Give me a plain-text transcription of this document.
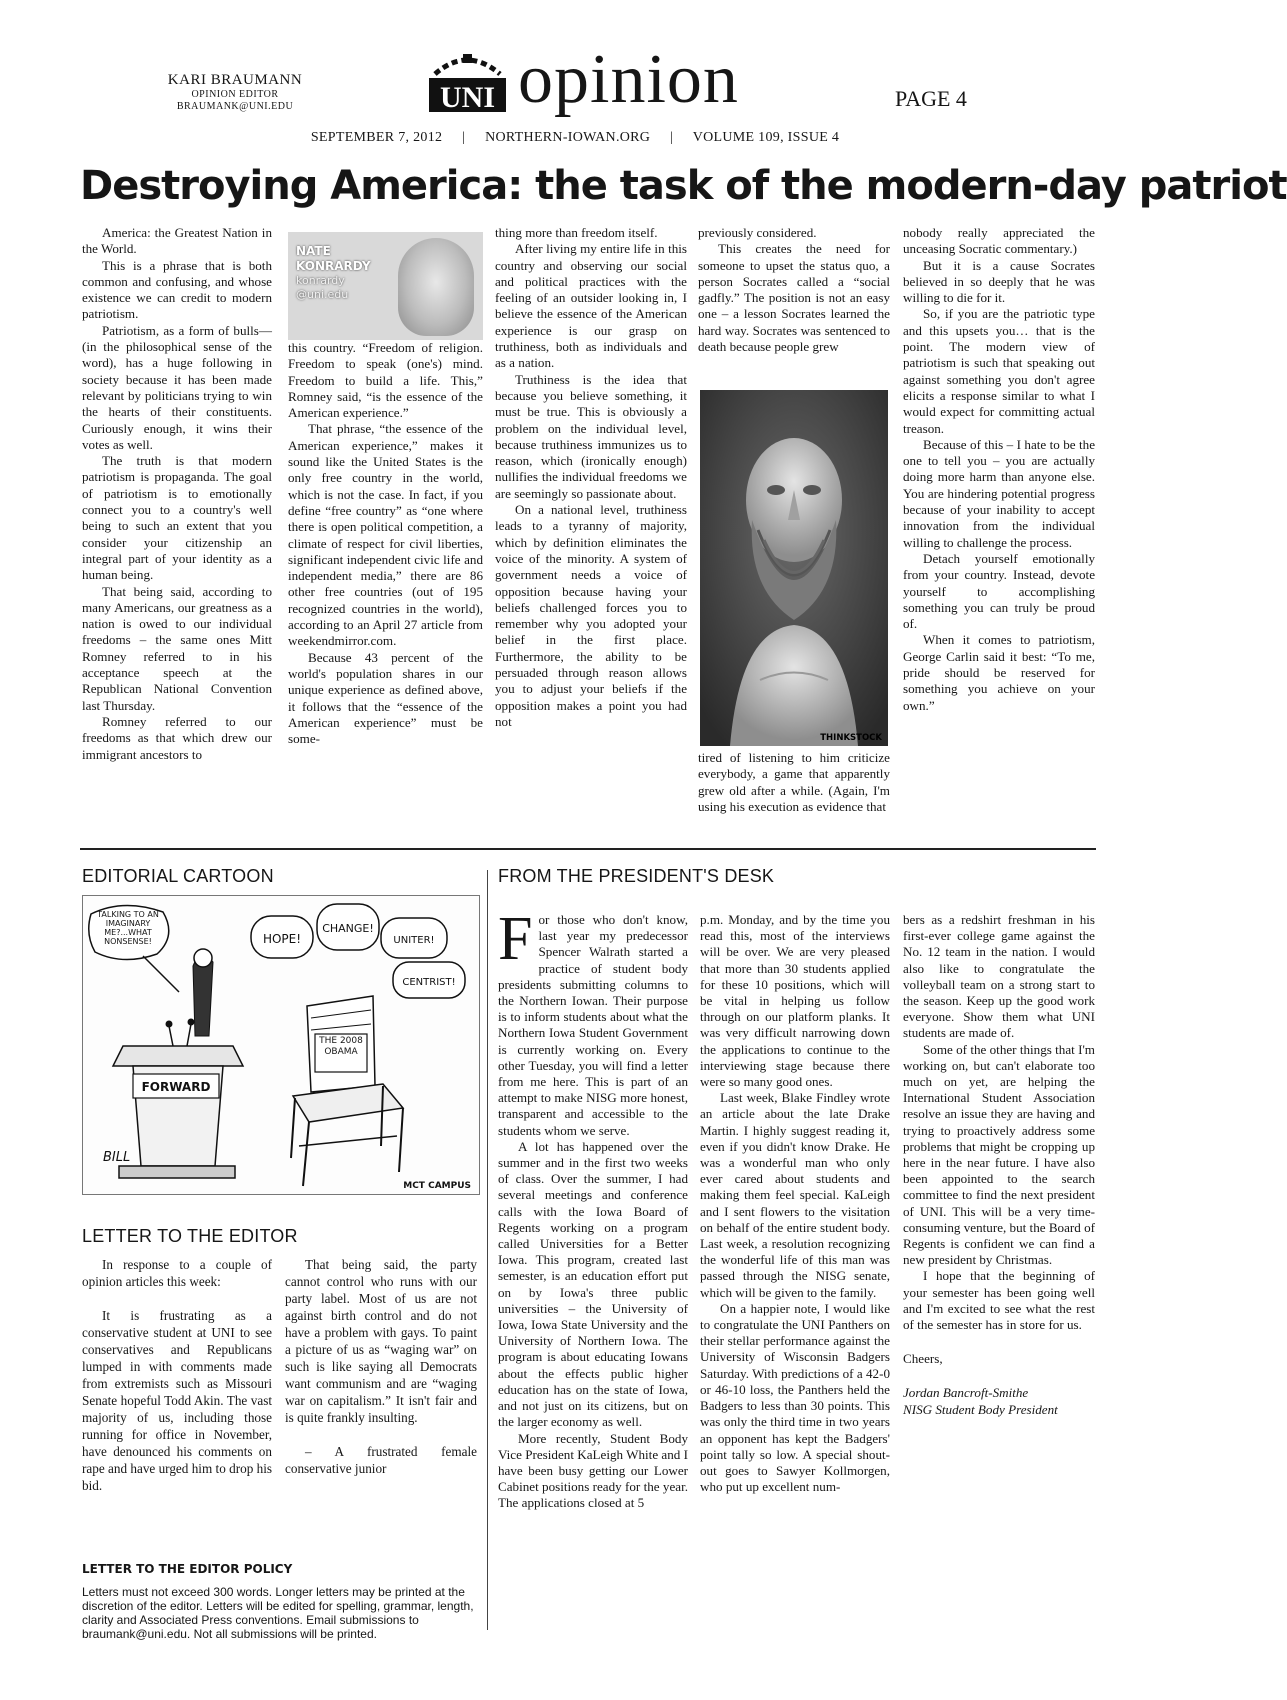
KARI BRAUMANN
OPINION EDITOR
BRAUMANK@UNI.EDU	UNI opinion	PAGE 4
SEPTEMBER 7, 2012 | NORTHERN-IOWAN.ORG | VOLUME 109, ISSUE 4
Destroying America: the task of the modern-day patriot

America: the Greatest Nation in the World.

This is a phrase that is both common and confusing, and whose existence we can credit to modern patriotism.

Patriotism, as a form of bulls— (in the philosophical sense of the word), has a huge following in society because it has been made relevant by politicians trying to win the hearts of their constituents. Curiously enough, it wins their votes as well.

The truth is that modern patriotism is propaganda. The goal of patriotism is to emotionally connect you to a country's well being to such an extent that you consider your citizenship an integral part of your identity as a human being.

That being said, according to many Americans, our greatness as a nation is owed to our individual freedoms – the same ones Mitt Romney referred to in his acceptance speech at the Republican National Convention last Thursday.

Romney referred to our freedoms as that which drew our immigrant ancestors to

NATE
KONRARDY
konrardy
@uni.edu

this country. “Freedom of religion. Freedom to speak (one's) mind. Freedom to build a life. This,” Romney said, “is the essence of the American experience.”

That phrase, “the essence of the American experience,” makes it sound like the United States is the only free country in the world, which is not the case. In fact, if you define “free country” as “one where there is open political competition, a climate of respect for civil liberties, significant independent civic life and independent media,” there are 86 other free countries (out of 195 recognized countries in the world), according to an April 27 article from weekendmirror.com.

Because 43 percent of the world's population shares in our unique experience as defined above, it follows that the “essence of the American experience” must be some-

thing more than freedom itself.

After living my entire life in this country and observing our social and political practices with the feeling of an outsider looking in, I believe the essence of the American experience is our grasp on truthiness, both as individuals and as a nation.

Truthiness is the idea that because you believe something, it must be true. This is obviously a problem on the individual level, because truthiness immunizes us to reason, which (ironically enough) nullifies the individual freedoms we are seemingly so passionate about.

On a national level, truthiness leads to a tyranny of majority, which by definition eliminates the voice of the minority. A system of government needs a voice of opposition because having your beliefs challenged forces you to remember why you adopted your belief in the first place. Furthermore, the ability to be persuaded through reason allows you to adjust your beliefs if the opposition makes a point you had not

previously considered.

This creates the need for someone to upset the status quo, a person Socrates called a “social gadfly.” The position is not an easy one – a lesson Socrates learned the hard way. Socrates was sentenced to death because people grew

THINKSTOCK

tired of listening to him criticize everybody, a game that apparently grew old after a while. (Again, I'm using his execution as evidence that

nobody really appreciated the unceasing Socratic commentary.)

But it is a cause Socrates believed in so deeply that he was willing to die for it.

So, if you are the patriotic type and this upsets you… that is the point. The modern view of patriotism is such that speaking out against something you don't agree elicits a response similar to what I would expect for committing actual treason.

Because of this – I hate to be the one to tell you – you are actually doing more harm than anyone else. You are hindering potential progress because of your inability to accept innovation from the individual willing to challenge the process.

Detach yourself emotionally from your country. Instead, devote yourself to accomplishing something you can truly be proud of.

When it comes to patriotism, George Carlin said it best: “To me, pride should be reserved for something you achieve on your own.”

EDITORIAL CARTOON
TALKING TO AN IMAGINARY ME?...WHAT NONSENSE!	HOPE!
CHANGE!
UNITER!
CENTRIST!
FORWARD
THE 2008 OBAMA
BILL
MCT CAMPUS
LETTER TO THE EDITOR

In response to a couple of opinion articles this week:

It is frustrating as a conservative student at UNI to see conservatives and Republicans lumped in with comments made from extremists such as Missouri Senate hopeful Todd Akin. The vast majority of us, including those running for office in November, have denounced his comments on rape and have urged him to drop his bid.

That being said, the party cannot control who runs with our party label. Most of us are not against birth control and do not have a problem with gays. To paint a picture of us as “waging war” on such is like saying all Democrats want communism and are “waging war on capitalism.” It isn't fair and is quite frankly insulting.

– A frustrated female conservative junior

LETTER TO THE EDITOR POLICY
Letters must not exceed 300 words. Longer letters may be printed at the discretion of the editor. Letters will be edited for spelling, grammar, length, clarity and Associated Press conventions. Email submissions to braumank@uni.edu. Not all submissions will be printed.
FROM THE PRESIDENT'S DESK

F or those who don't know, last year my predecessor Spencer Walrath started a practice of student body presidents submitting columns to the Northern Iowan. Their purpose is to inform students about what the Northern Iowa Student Government is currently working on. Every other Tuesday, you will find a letter from me here. This is part of an attempt to make NISG more honest, transparent and accessible to the students whom we serve.

A lot has happened over the summer and in the first two weeks of class. Over the summer, I had several meetings and conference calls with the Iowa Board of Regents working on a program called Universities for a Better Iowa. This program, created last semester, is an education effort put on by Iowa's three public universities – the University of Iowa, Iowa State University and the University of Northern Iowa. The program is about educating Iowans about the effects public higher education has on the state of Iowa, and not just on its citizens, but on the larger economy as well.

More recently, Student Body Vice President KaLeigh White and I have been busy getting our Lower Cabinet positions ready for the year. The applications closed at 5

p.m. Monday, and by the time you read this, most of the interviews will be over. We are very pleased that more than 30 students applied for these 10 positions, which will be vital in helping us follow through on our platform planks. It was very difficult narrowing down the applications to continue to the interviewing stage because there were so many good ones.

Last week, Blake Findley wrote an article about the late Drake Martin. I highly suggest reading it, even if you didn't know Drake. He was a wonderful man who only ever cared about students and making them feel special. KaLeigh and I sent flowers to the visitation on behalf of the entire student body. Last week, a resolution recognizing the wonderful life of this man was passed through the NISG senate, which will be given to the family.

On a happier note, I would like to congratulate the UNI Panthers on their stellar performance against the University of Wisconsin Badgers Saturday. With predictions of a 42-0 or 46-10 loss, the Panthers held the Badgers to less than 30 points. This was only the third time in two years an opponent has kept the Badgers' point tally so low. A special shout-out goes to Sawyer Kollmorgen, who put up excellent num-

bers as a redshirt freshman in his first-ever college game against the No. 12 team in the nation. I would also like to congratulate the volleyball team on a strong start to the season. Keep up the good work everyone. Show them what UNI students are made of.

Some of the other things that I'm working on, but can't elaborate too much on yet, are helping the International Student Association resolve an issue they are having and trying to proactively address some problems that might be cropping up here in the near future. I have also been appointed to the search committee to find the next president of UNI. This will be a very time-consuming venture, but the Board of Regents is confident we can find a new president by Christmas.

I hope that the beginning of your semester has been going well and I'm excited to see what the rest of the semester has in store for us.

Cheers,

Jordan Bancroft-Smithe

NISG Student Body President
